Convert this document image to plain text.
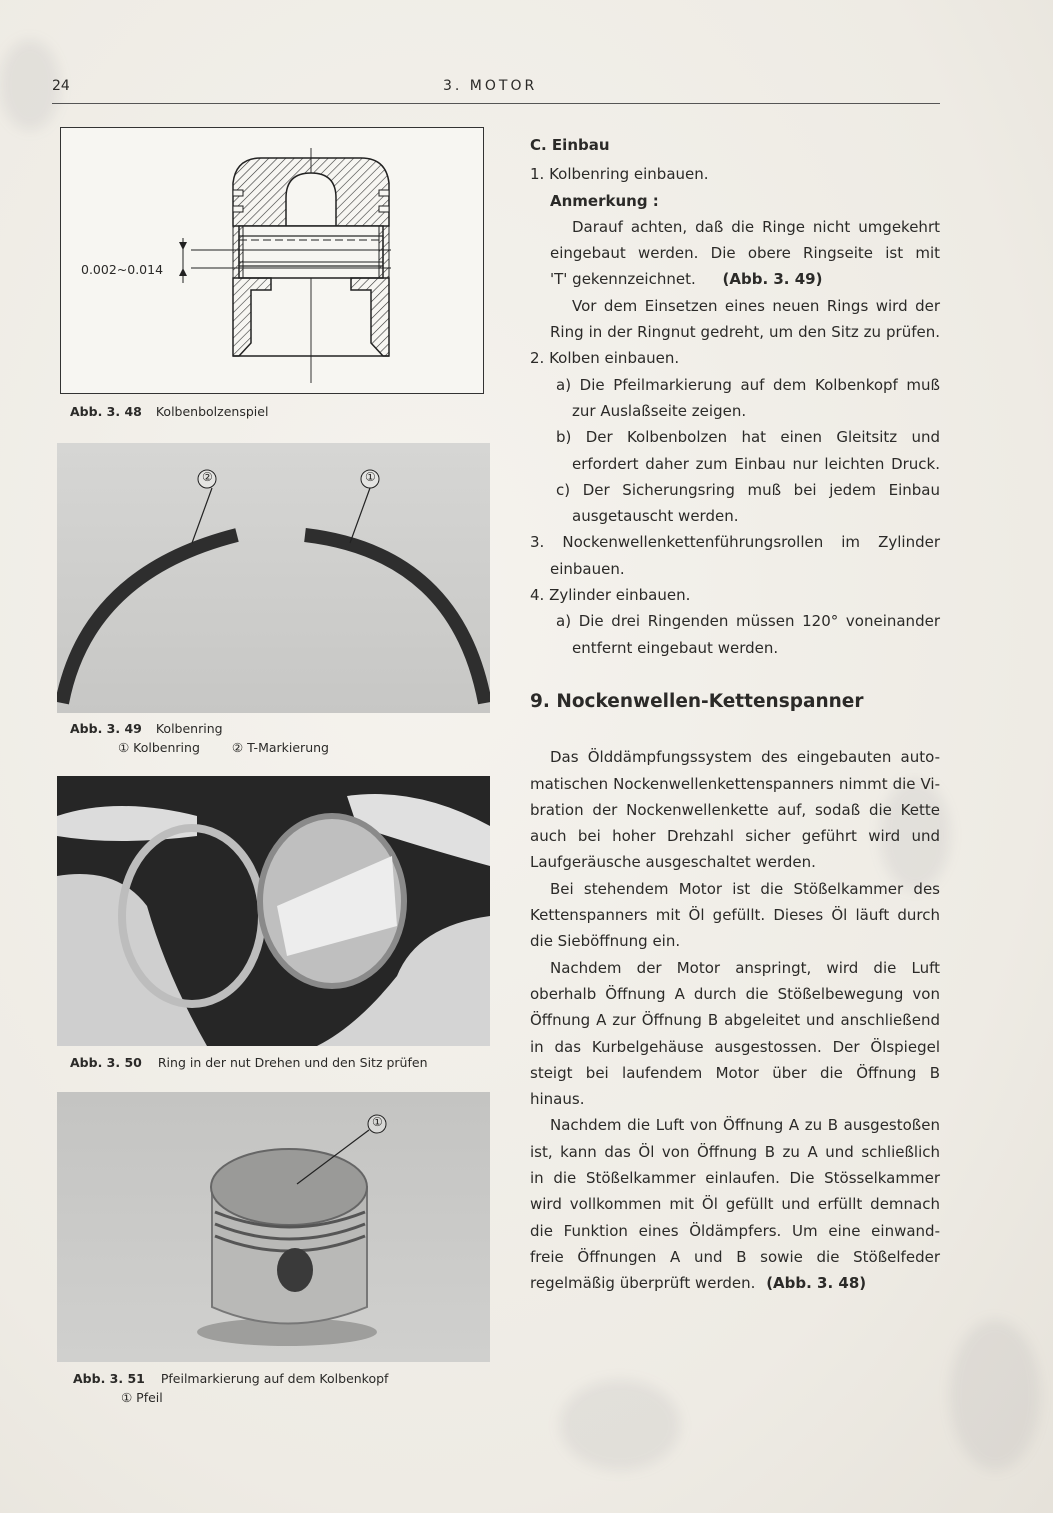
24	3. MOTOR
0.002~0.014
Abb. 3. 48 Kolbenbolzenspiel
②	①
Abb. 3. 49 Kolbenring
① Kolbenring	② T-Markierung
Abb. 3. 50 Ring in der nut Drehen und den Sitz prüfen
①
Abb. 3. 51 Pfeilmarkierung auf dem Kolbenkopf
① Pfeil

C. Einbau

1. Kolbenring einbauen.

Anmerkung :

Darauf achten, daß die Ringe nicht umgekehrt

eingebaut werden. Die obere Ringseite ist mit

'T' gekennzeichnet. (Abb. 3. 49)

Vor dem Einsetzen eines neuen Rings wird der

Ring in der Ringnut gedreht, um den Sitz zu prüfen.

2. Kolben einbauen.

a) Die Pfeilmarkierung auf dem Kolbenkopf muß

zur Auslaßseite zeigen.

b) Der Kolbenbolzen hat einen Gleitsitz und

erfordert daher zum Einbau nur leichten Druck.

c) Der Sicherungsring muß bei jedem Einbau

ausgetauscht werden.

3. Nockenwellenkettenführungsrollen im Zylinder

einbauen.

4. Zylinder einbauen.

a) Die drei Ringenden müssen 120° voneinander

entfernt eingebaut werden.

9. Nockenwellen-Kettenspanner

Das Ölddämpfungssystem des eingebauten auto-

matischen Nockenwellenkettenspanners nimmt die Vi-

bration der Nockenwellenkette auf, sodaß die Kette

auch bei hoher Drehzahl sicher geführt wird und

Laufgeräusche ausgeschaltet werden.

Bei stehendem Motor ist die Stößelkammer des

Kettenspanners mit Öl gefüllt. Dieses Öl läuft durch

die Sieböffnung ein.

Nachdem der Motor anspringt, wird die Luft

oberhalb Öffnung A durch die Stößelbewegung von

Öffnung A zur Öffnung B abgeleitet und anschließend

in das Kurbelgehäuse ausgestossen. Der Ölspiegel

steigt bei laufendem Motor über die Öffnung B

hinaus.

Nachdem die Luft von Öffnung A zu B ausgestoßen

ist, kann das Öl von Öffnung B zu A und schließlich

in die Stößelkammer einlaufen. Die Stösselkammer

wird vollkommen mit Öl gefüllt und erfüllt demnach

die Funktion eines Öldämpfers. Um eine einwand-

freie Öffnungen A und B sowie die Stößelfeder

regelmäßig überprüft werden. (Abb. 3. 48)
